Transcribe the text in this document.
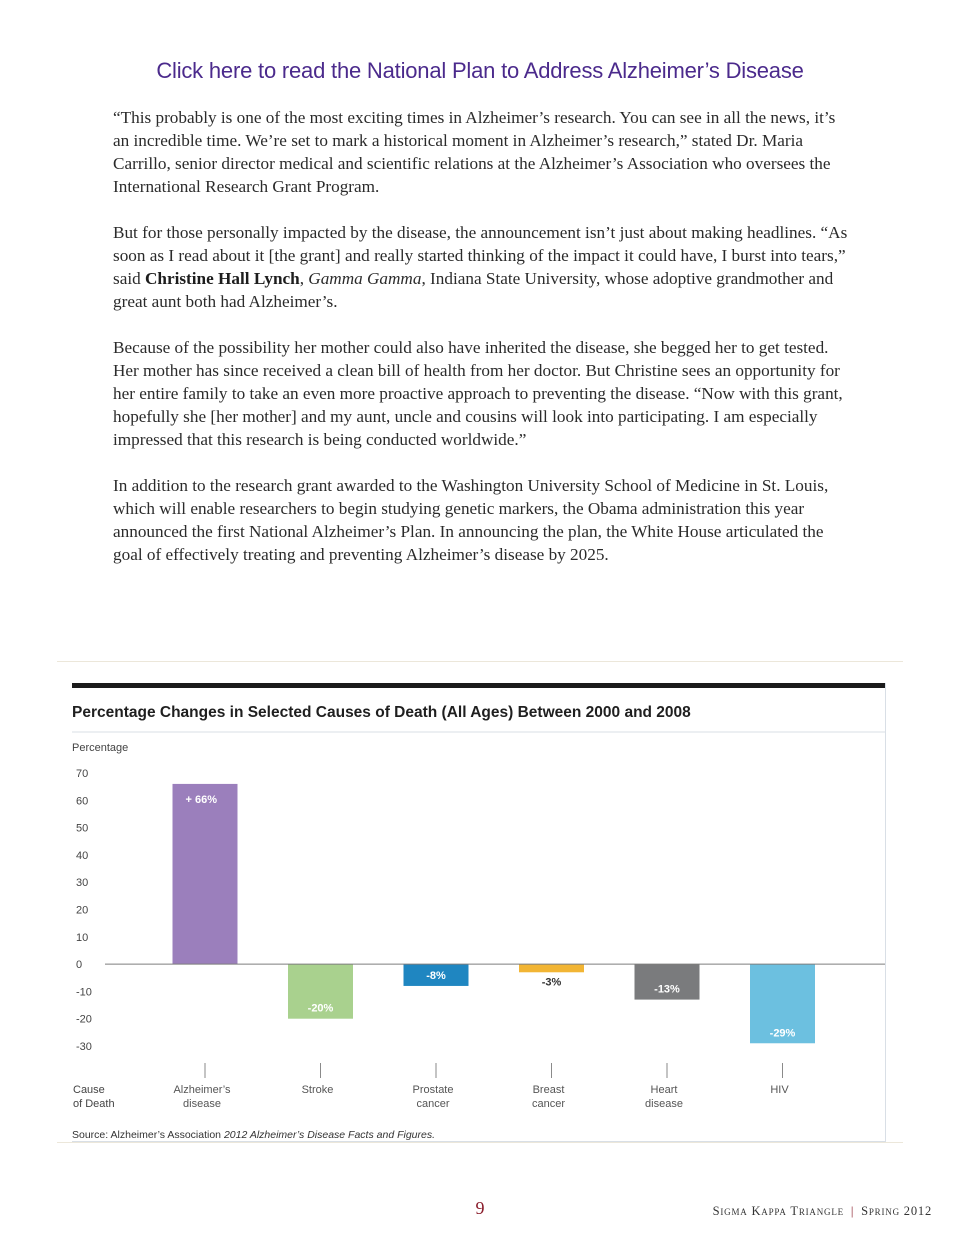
Click here to read the National Plan to Address Alzheimer’s Disease

“This probably is one of the most exciting times in Alzheimer’s research. You can see in all the news, it’s an incredible time. We’re set to mark a historical moment in Alzheimer’s research,” stated Dr. Maria Carrillo, senior director medical and scientific relations at the Alzheimer’s Association who oversees the International Research Grant Program.

But for those personally impacted by the disease, the announcement isn’t just about making headlines. “As soon as I read about it [the grant] and really started thinking of the impact it could have, I burst into tears,” said Christine Hall Lynch, Gamma Gamma, Indiana State University, whose adoptive grandmother and great aunt both had Alzheimer’s.

Because of the possibility her mother could also have inherited the disease, she begged her to get tested. Her mother has since received a clean bill of health from her doctor. But Christine sees an opportunity for her entire family to take an even more proactive approach to preventing the disease. “Now with this grant, hopefully she [her mother] and my aunt, uncle and cousins will look into participating. I am especially impressed that this research is being conducted worldwide.”

In addition to the research grant awarded to the Washington University School of Medicine in St. Louis, which will enable researchers to begin studying genetic markers, the Obama administration this year announced the first National Alzheimer’s Plan. In announcing the plan, the White House articulated the goal of effectively treating and preventing Alzheimer’s disease by 2025.

Percentage Changes in Selected Causes of Death (All Ages) Between 2000 and 2008
Percentage
70
60
50
40
30
20
10
0
-10
-20
-30
+ 66%
-20%
-8%
-3%
-13%
-29%
Cause
of Death
Alzheimer’s
disease
Stroke	Prostate
cancer
Breast
cancer
Heart
disease
HIV
Source: Alzheimer’s Association 2012 Alzheimer’s Disease Facts and Figures.
9	Sigma Kappa Triangle | Spring 2012
